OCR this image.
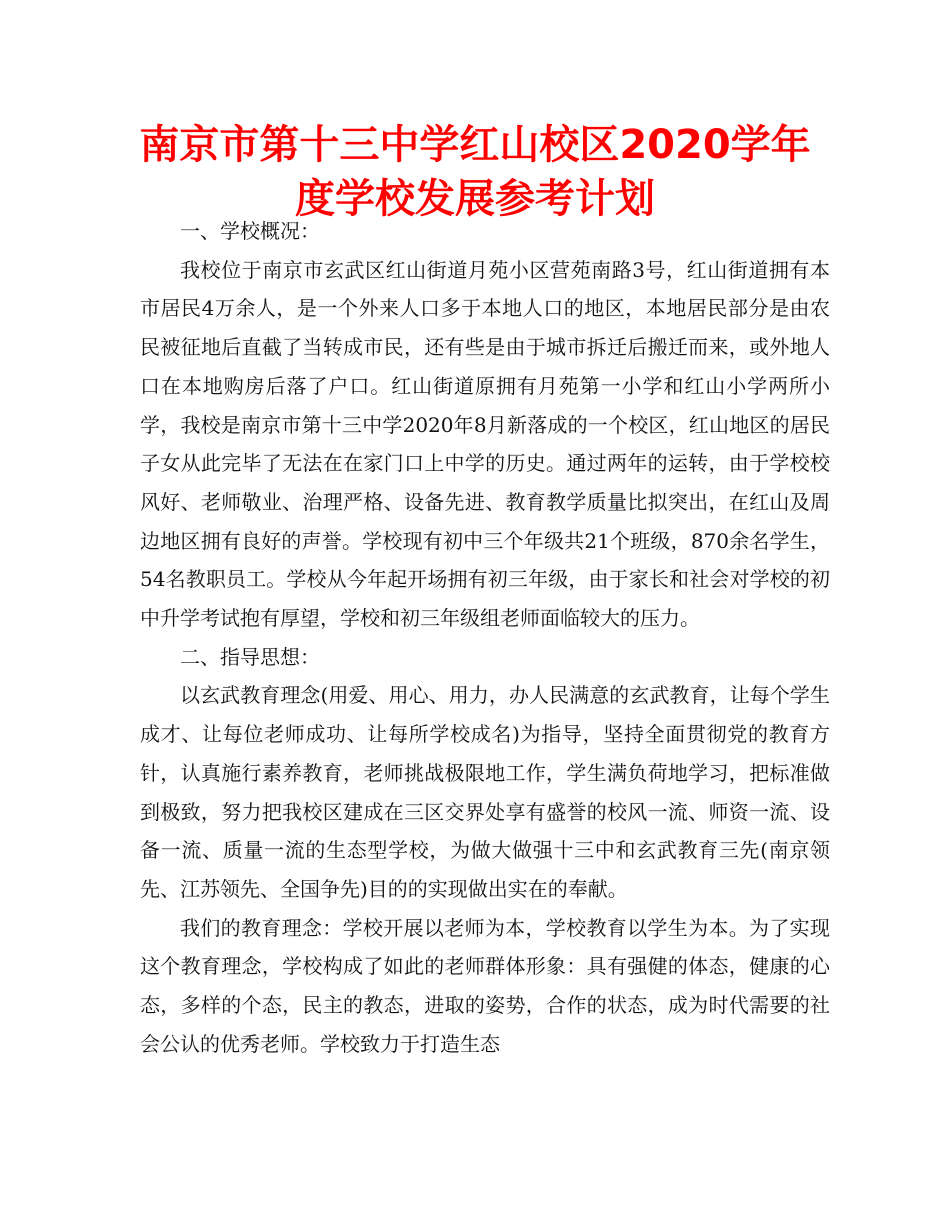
南京市第十三中学红山校区2020学年度学校发展参考计划

一、学校概况：

我校位于南京市玄武区红山街道月苑小区营苑南路3号，红山街道拥有本市居民4万余人，是一个外来人口多于本地人口的地区，本地居民部分是由农民被征地后直截了当转成市民，还有些是由于城市拆迁后搬迁而来，或外地人口在本地购房后落了户口。红山街道原拥有月苑第一小学和红山小学两所小学，我校是南京市第十三中学2020年8月新落成的一个校区，红山地区的居民子女从此完毕了无法在在家门口上中学的历史。通过两年的运转，由于学校校风好、老师敬业、治理严格、设备先进、教育教学质量比拟突出，在红山及周边地区拥有良好的声誉。学校现有初中三个年级共21个班级，870余名学生，54名教职员工。学校从今年起开场拥有初三年级，由于家长和社会对学校的初中升学考试抱有厚望，学校和初三年级组老师面临较大的压力。

二、指导思想：

以玄武教育理念(用爱、用心、用力，办人民满意的玄武教育，让每个学生成才、让每位老师成功、让每所学校成名)为指导，坚持全面贯彻党的教育方针，认真施行素养教育，老师挑战极限地工作，学生满负荷地学习，把标准做到极致，努力把我校区建成在三区交界处享有盛誉的校风一流、师资一流、设备一流、质量一流的生态型学校，为做大做强十三中和玄武教育三先(南京领先、江苏领先、全国争先)目的的实现做出实在的奉献。

我们的教育理念：学校开展以老师为本，学校教育以学生为本。为了实现这个教育理念，学校构成了如此的老师群体形象：具有强健的体态，健康的心态，多样的个态，民主的教态，进取的姿势，合作的状态，成为时代需要的社会公认的优秀老师。学校致力于打造生态
